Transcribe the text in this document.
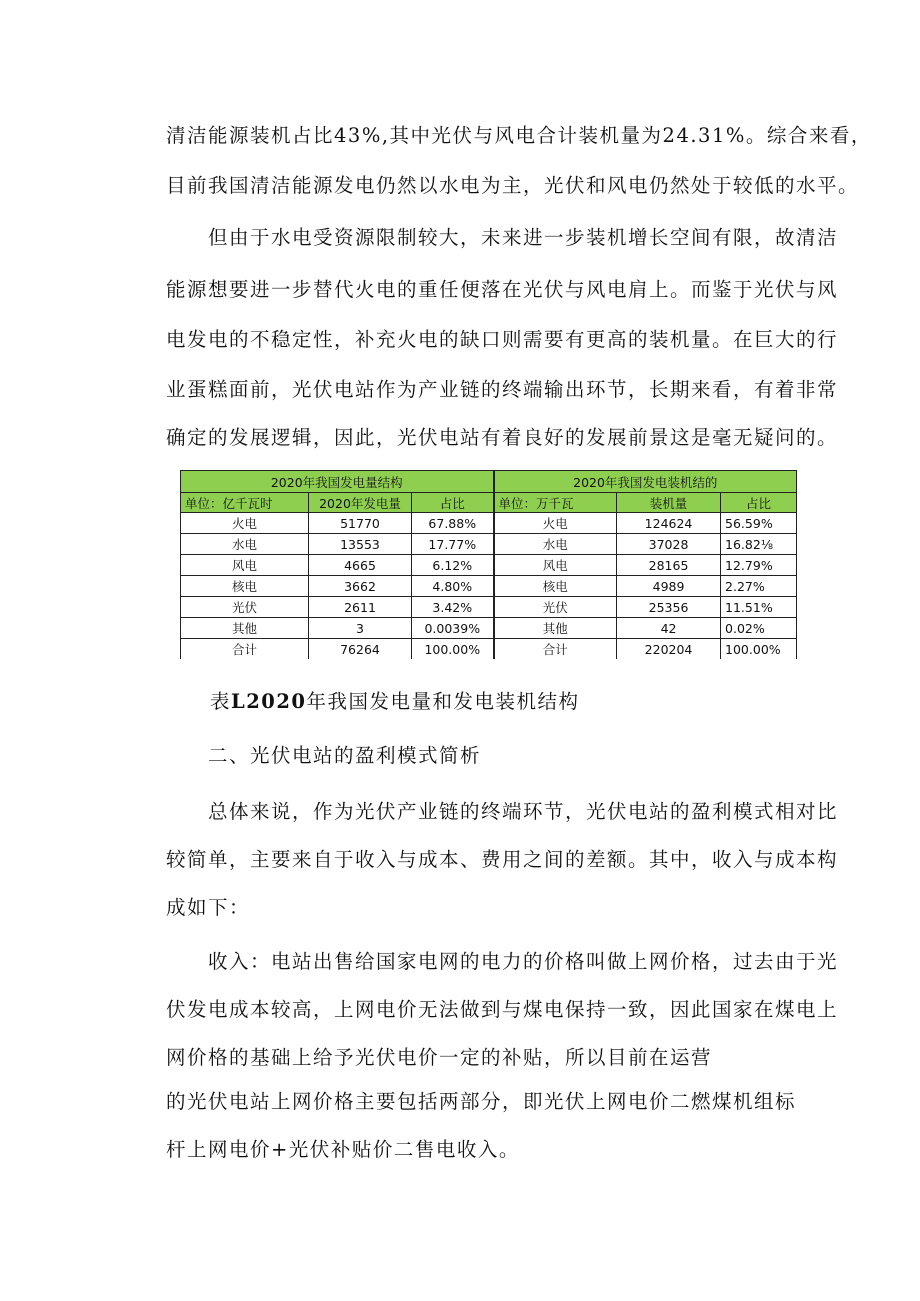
清洁能源装机占比43%,其中光伏与风电合计装机量为24.31%。综合来看，

目前我国清洁能源发电仍然以水电为主，光伏和风电仍然处于较低的水平。

但由于水电受资源限制较大，未来进一步装机增长空间有限，故清洁

能源想要进一步替代火电的重任便落在光伏与风电肩上。而鉴于光伏与风

电发电的不稳定性，补充火电的缺口则需要有更高的装机量。在巨大的行

业蛋糕面前，光伏电站作为产业链的终端输出环节，长期来看，有着非常

确定的发展逻辑，因此，光伏电站有着良好的发展前景这是毫无疑问的。

2020年我国发电量结构			2020年我国发电装机结的		
单位：亿千瓦时	2020年发电量	占比	单位：万千瓦	装机量	占比
火电	51770	67.88%	火电	124624	56.59%
水电	13553	17.77%	水电	37028	16.82⅛
风电	4665	6.12%	风电	28165	12.79%
核电	3662	4.80%	核电	4989	2.27%
光伏	2611	3.42%	光伏	25356	11.51%
其他	3	0.0039%	其他	42	0.02%
合计	76264	100.00%	合计	220204	100.00%
表L2020年我国发电量和发电装机结构

二、光伏电站的盈利模式简析

总体来说，作为光伏产业链的终端环节，光伏电站的盈利模式相对比

较简单，主要来自于收入与成本、费用之间的差额。其中，收入与成本构

成如下：

收入：电站出售给国家电网的电力的价格叫做上网价格，过去由于光

伏发电成本较高，上网电价无法做到与煤电保持一致，因此国家在煤电上

网价格的基础上给予光伏电价一定的补贴，所以目前在运营

的光伏电站上网价格主要包括两部分，即光伏上网电价二燃煤机组标

杆上网电价+光伏补贴价二售电收入。
